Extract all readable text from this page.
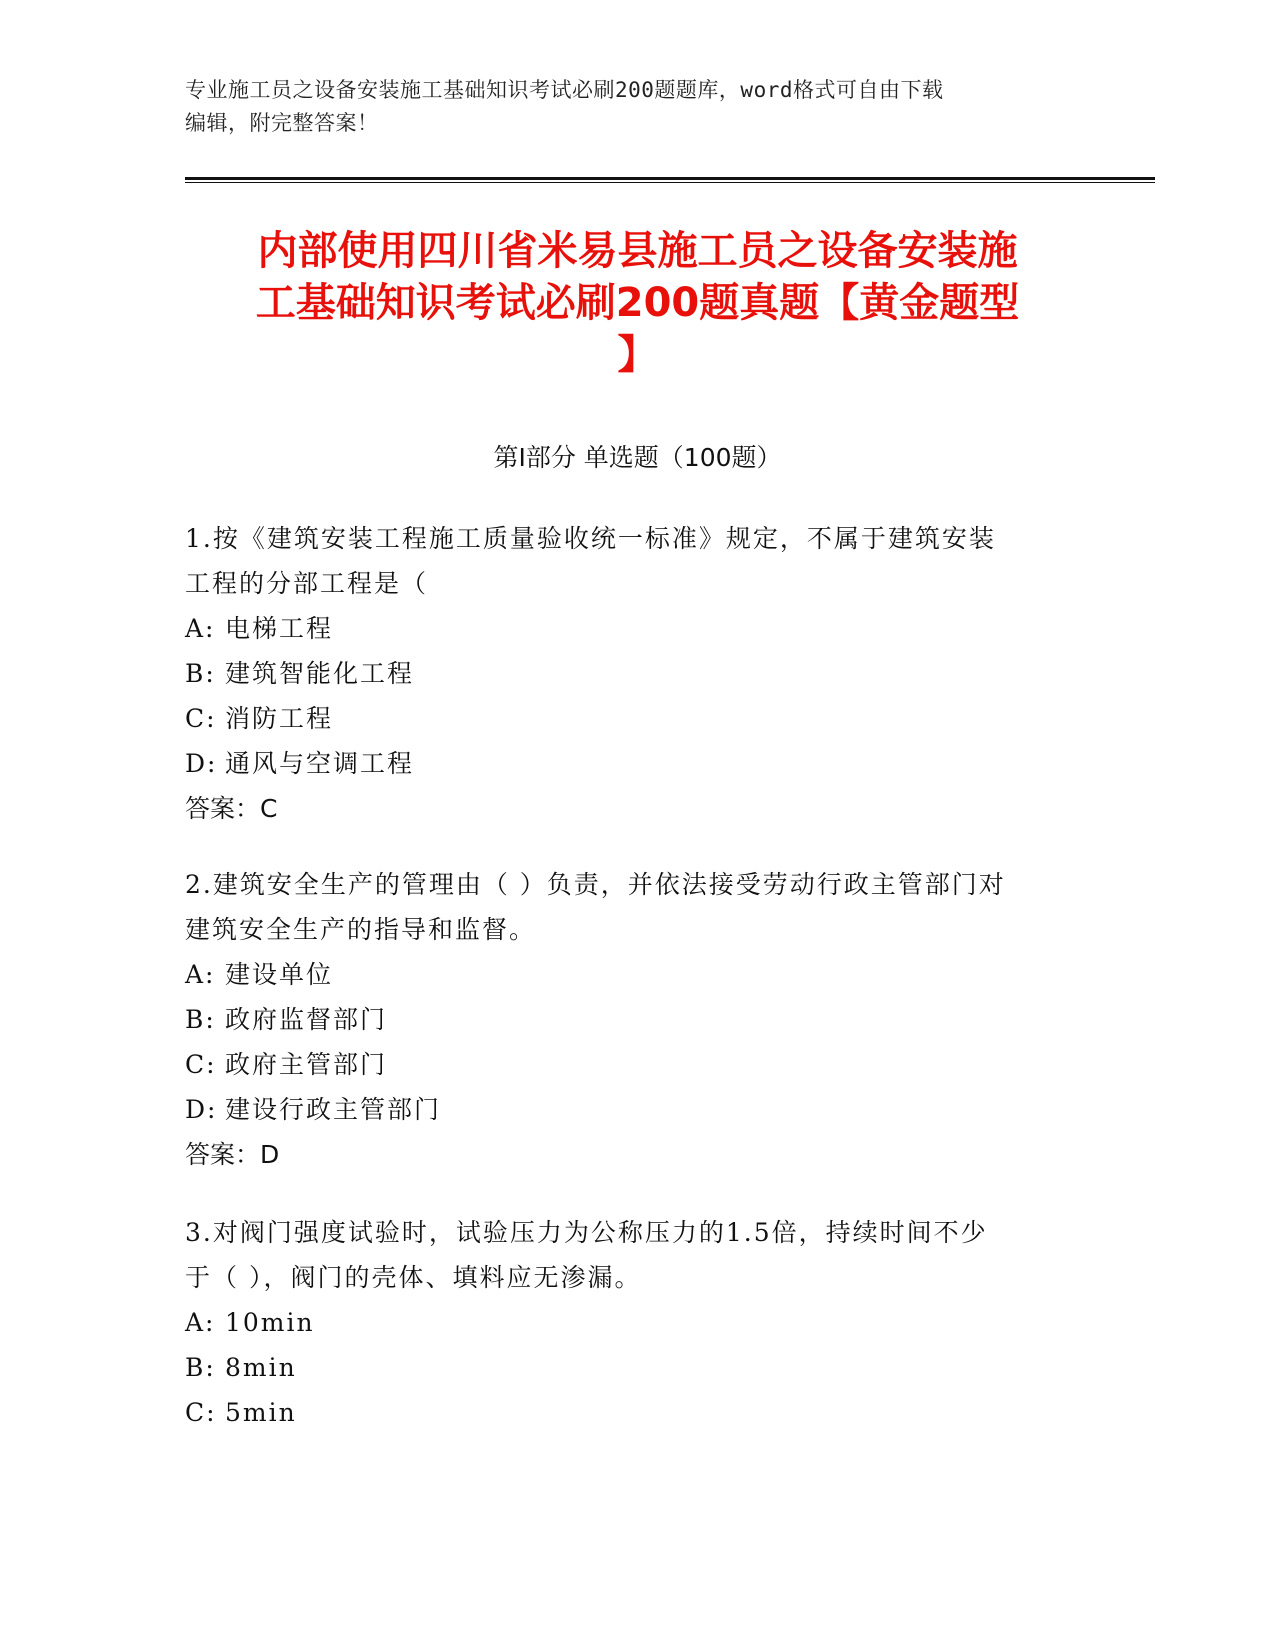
专业施工员之设备安装施工基础知识考试必刷200题题库，word格式可自由下载
编辑，附完整答案！
内部使用四川省米易县施工员之设备安装施
工基础知识考试必刷200题真题【黄金题型
】
第Ⅰ部分 单选题（100题）

1.按《建筑安装工程施工质量验收统一标准》规定，不属于建筑安装

工程的分部工程是（

A: 电梯工程

B: 建筑智能化工程

C: 消防工程

D: 通风与空调工程

答案：C

2.建筑安全生产的管理由（ ）负责，并依法接受劳动行政主管部门对

建筑安全生产的指导和监督。

A: 建设单位

B: 政府监督部门

C: 政府主管部门

D: 建设行政主管部门

答案：D

3.对阀门强度试验时，试验压力为公称压力的1.5倍，持续时间不少

于（ ），阀门的壳体、填料应无渗漏。

A: 10min

B: 8min

C: 5min
